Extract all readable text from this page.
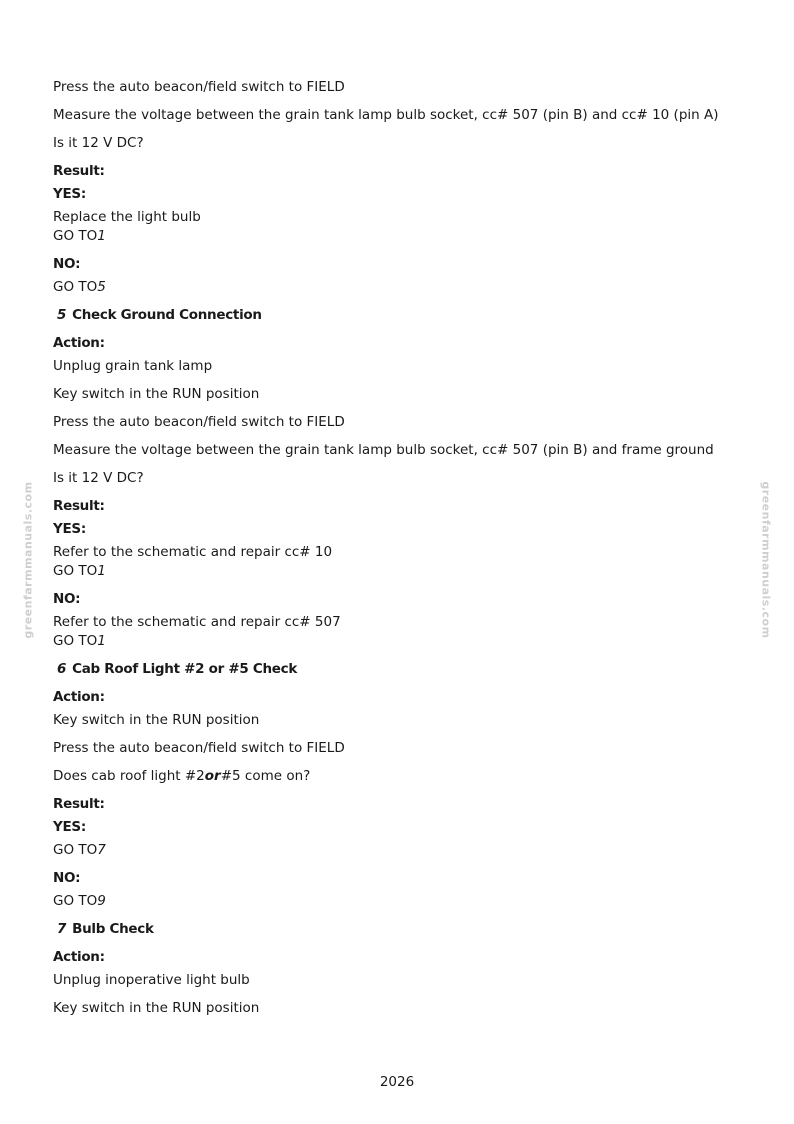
greenfarmmanuals.com	greenfarmmanuals.com

Press the auto beacon/field switch to FIELD

Measure the voltage between the grain tank lamp bulb socket, cc# 507 (pin B) and cc# 10 (pin A)

Is it 12 V DC?

Result:

YES:

Replace the light bulb

GO TO1

NO:

GO TO5

5 Check Ground Connection

Action:

Unplug grain tank lamp

Key switch in the RUN position

Press the auto beacon/field switch to FIELD

Measure the voltage between the grain tank lamp bulb socket, cc# 507 (pin B) and frame ground

Is it 12 V DC?

Result:

YES:

Refer to the schematic and repair cc# 10

GO TO1

NO:

Refer to the schematic and repair cc# 507

GO TO1

6 Cab Roof Light #2 or #5 Check

Action:

Key switch in the RUN position

Press the auto beacon/field switch to FIELD

Does cab roof light #2or#5 come on?

Result:

YES:

GO TO7

NO:

GO TO9

7 Bulb Check

Action:

Unplug inoperative light bulb

Key switch in the RUN position

2026
